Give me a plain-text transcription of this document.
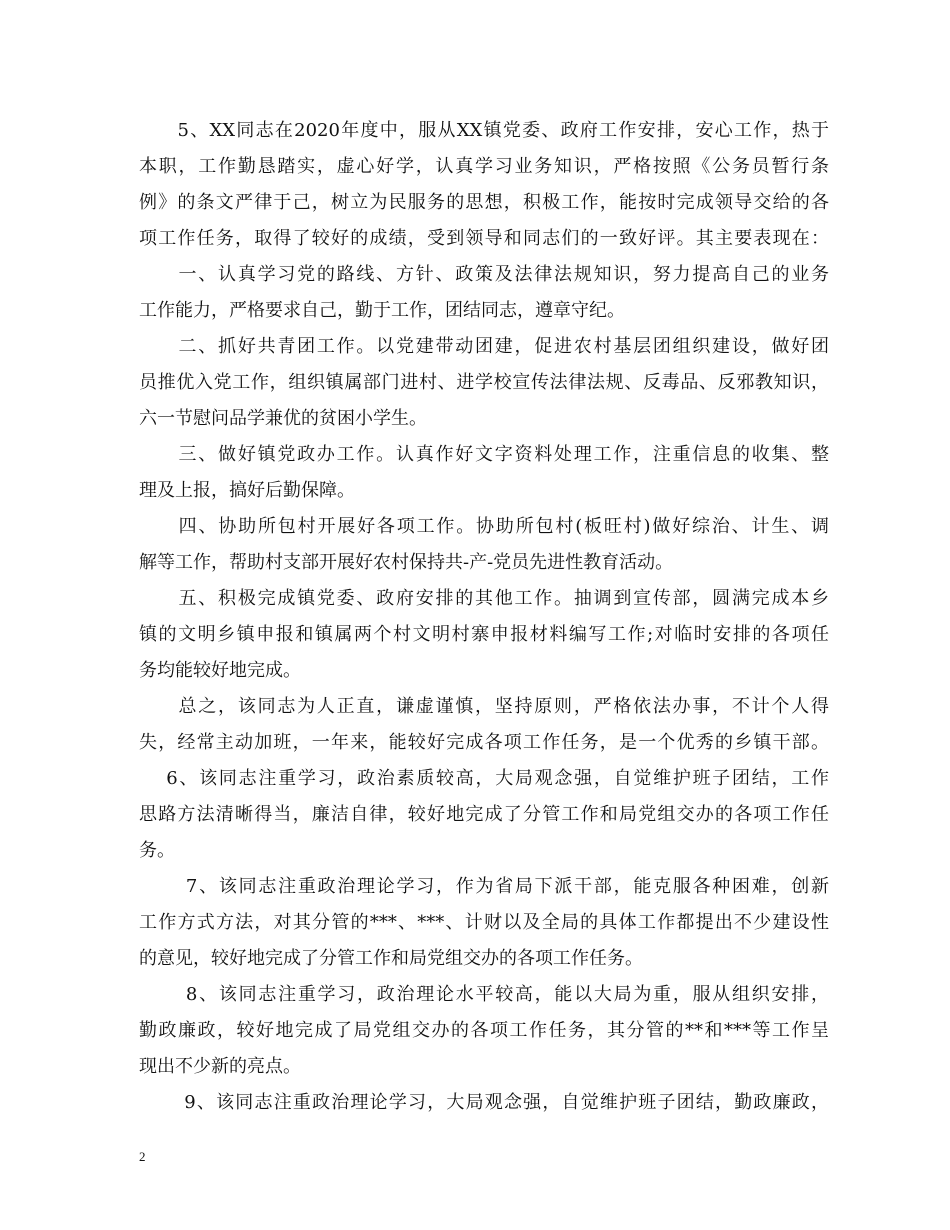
　　5、XX同志在2020年度中，服从XX镇党委、政府工作安排，安心工作，热于
本职，工作勤恳踏实，虚心好学，认真学习业务知识，严格按照《公务员暂行条
例》的条文严律于己，树立为民服务的思想，积极工作，能按时完成领导交给的各
项工作任务，取得了较好的成绩，受到领导和同志们的一致好评。其主要表现在：
　　一、认真学习党的路线、方针、政策及法律法规知识，努力提高自己的业务
工作能力，严格要求自己，勤于工作，团结同志，遵章守纪。
　　二、抓好共青团工作。以党建带动团建，促进农村基层团组织建设，做好团
员推优入党工作，组织镇属部门进村、进学校宣传法律法规、反毒品、反邪教知识，
六一节慰问品学兼优的贫困小学生。
　　三、做好镇党政办工作。认真作好文字资料处理工作，注重信息的收集、整
理及上报，搞好后勤保障。
　　四、协助所包村开展好各项工作。协助所包村(板旺村)做好综治、计生、调
解等工作，帮助村支部开展好农村保持共-产-党员先进性教育活动。
　　五、积极完成镇党委、政府安排的其他工作。抽调到宣传部，圆满完成本乡
镇的文明乡镇申报和镇属两个村文明村寨申报材料编写工作;对临时安排的各项任
务均能较好地完成。
　　总之，该同志为人正直，谦虚谨慎，坚持原则，严格依法办事，不计个人得
失，经常主动加班，一年来，能较好完成各项工作任务，是一个优秀的乡镇干部。
　 6、该同志注重学习，政治素质较高，大局观念强，自觉维护班子团结，工作
思路方法清晰得当，廉洁自律，较好地完成了分管工作和局党组交办的各项工作任
务。
　　 7、该同志注重政治理论学习，作为省局下派干部，能克服各种困难，创新
工作方式方法，对其分管的***、***、计财以及全局的具体工作都提出不少建设性
的意见，较好地完成了分管工作和局党组交办的各项工作任务。
　　 8、该同志注重学习，政治理论水平较高，能以大局为重，服从组织安排，
勤政廉政，较好地完成了局党组交办的各项工作任务，其分管的**和***等工作呈
现出不少新的亮点。
　　 9、该同志注重政治理论学习，大局观念强，自觉维护班子团结，勤政廉政，
2
